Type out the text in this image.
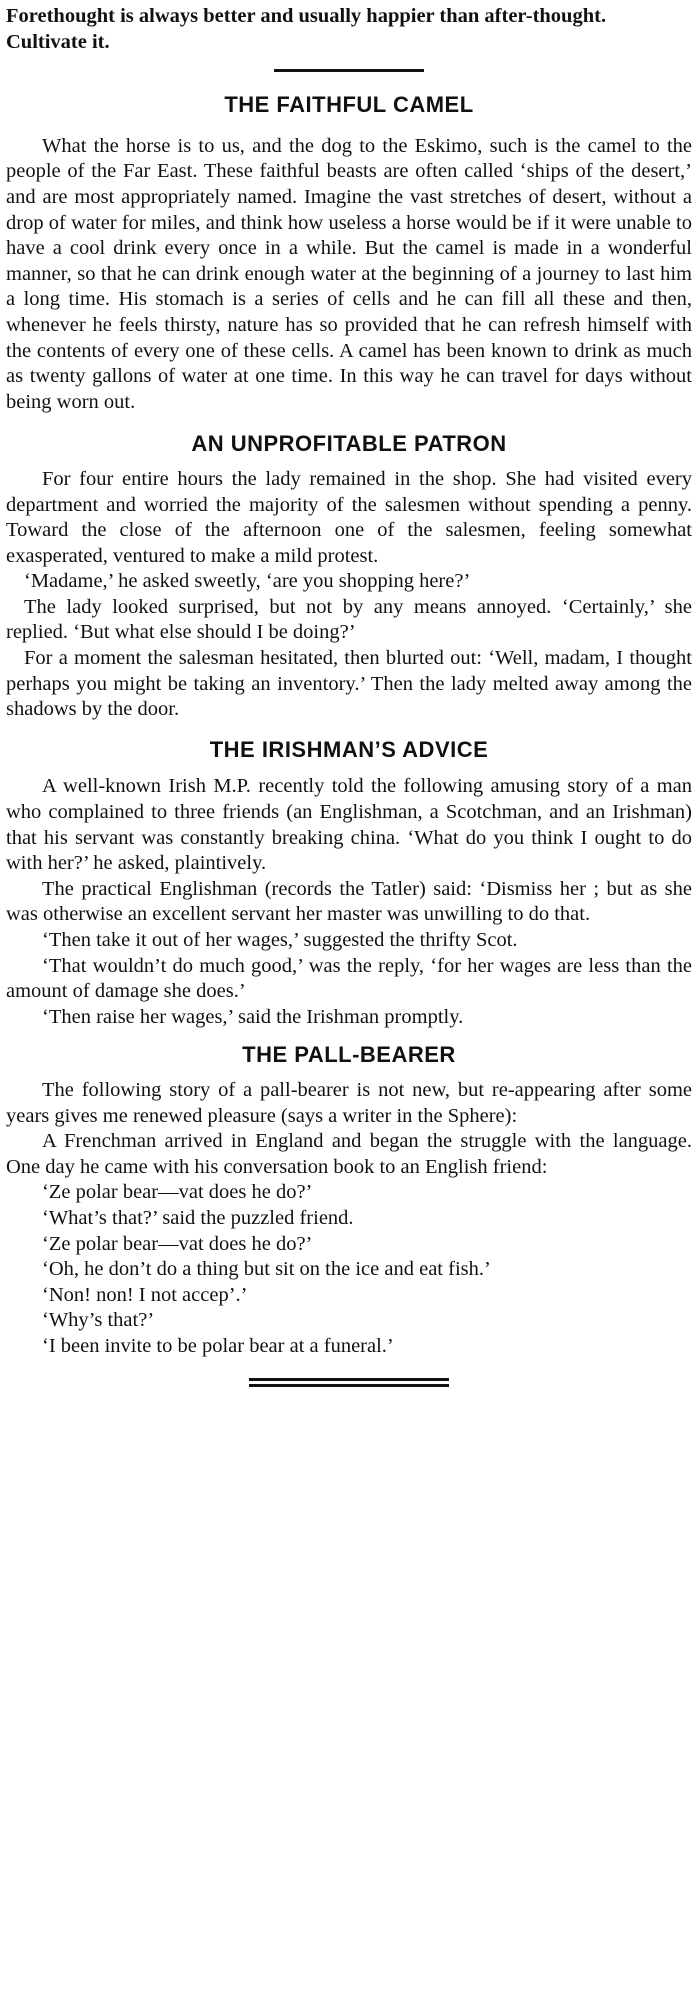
Forethought is always better and usually happier than after-thought. Cultivate it.

THE FAITHFUL CAMEL

What the horse is to us, and the dog to the Eskimo, such is the camel to the people of the Far East. These faithful beasts are often called ‘ships of the desert,’ and are most appropriately named. Imagine the vast stretches of desert, without a drop of water for miles, and think how useless a horse would be if it were unable to have a cool drink every once in a while. But the camel is made in a wonderful manner, so that he can drink enough water at the beginning of a journey to last him a long time. His stomach is a series of cells and he can fill all these and then, whenever he feels thirsty, nature has so provided that he can refresh himself with the contents of every one of these cells. A camel has been known to drink as much as twenty gallons of water at one time. In this way he can travel for days without being worn out.

AN UNPROFITABLE PATRON

For four entire hours the lady remained in the shop. She had visited every department and worried the majority of the salesmen without spending a penny. Toward the close of the afternoon one of the salesmen, feeling somewhat exasperated, ventured to make a mild protest.

‘Madame,’ he asked sweetly, ‘are you shopping here?’

The lady looked surprised, but not by any means annoyed. ‘Certainly,’ she replied. ‘But what else should I be doing?’

For a moment the salesman hesitated, then blurted out: ‘Well, madam, I thought perhaps you might be taking an inventory.’ Then the lady melted away among the shadows by the door.

THE IRISHMAN’S ADVICE

A well-known Irish M.P. recently told the following amusing story of a man who complained to three friends (an Englishman, a Scotchman, and an Irishman) that his servant was constantly breaking china. ‘What do you think I ought to do with her?’ he asked, plaintively.

The practical Englishman (records the Tatler) said: ‘Dismiss her ; but as she was otherwise an excellent servant her master was unwilling to do that.

‘Then take it out of her wages,’ suggested the thrifty Scot.

‘That wouldn’t do much good,’ was the reply, ‘for her wages are less than the amount of damage she does.’

‘Then raise her wages,’ said the Irishman promptly.

THE PALL-BEARER

The following story of a pall-bearer is not new, but re-appearing after some years gives me renewed pleasure (says a writer in the Sphere):

A Frenchman arrived in England and began the struggle with the language. One day he came with his conversation book to an English friend:

‘Ze polar bear—vat does he do?’

‘What’s that?’ said the puzzled friend.

‘Ze polar bear—vat does he do?’

‘Oh, he don’t do a thing but sit on the ice and eat fish.’

‘Non! non! I not accep’.’

‘Why’s that?’

‘I been invite to be polar bear at a funeral.’
